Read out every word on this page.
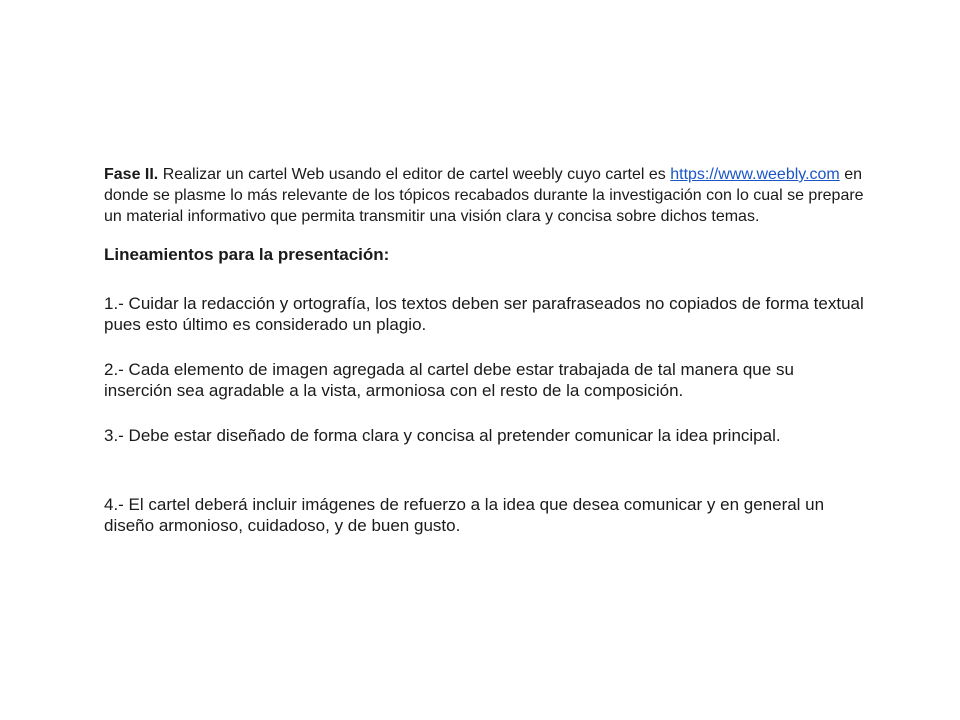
Fase II. Realizar un cartel Web usando el editor de cartel weebly cuyo cartel es https://www.weebly.com en donde se plasme lo más relevante de los tópicos recabados durante la investigación con lo cual se prepare un material informativo que permita transmitir una visión clara y concisa sobre dichos temas.

Lineamientos para la presentación:

1.- Cuidar la redacción y ortografía, los textos deben ser parafraseados no copiados de forma textual pues esto último es considerado un plagio.

2.- Cada elemento de imagen agregada al cartel debe estar trabajada de tal manera que su inserción sea agradable a la vista, armoniosa con el resto de la composición.

3.- Debe estar diseñado de forma clara y concisa al pretender comunicar la idea principal.

4.- El cartel deberá incluir imágenes de refuerzo a la idea que desea comunicar y en general un diseño armonioso, cuidadoso, y de buen gusto.
